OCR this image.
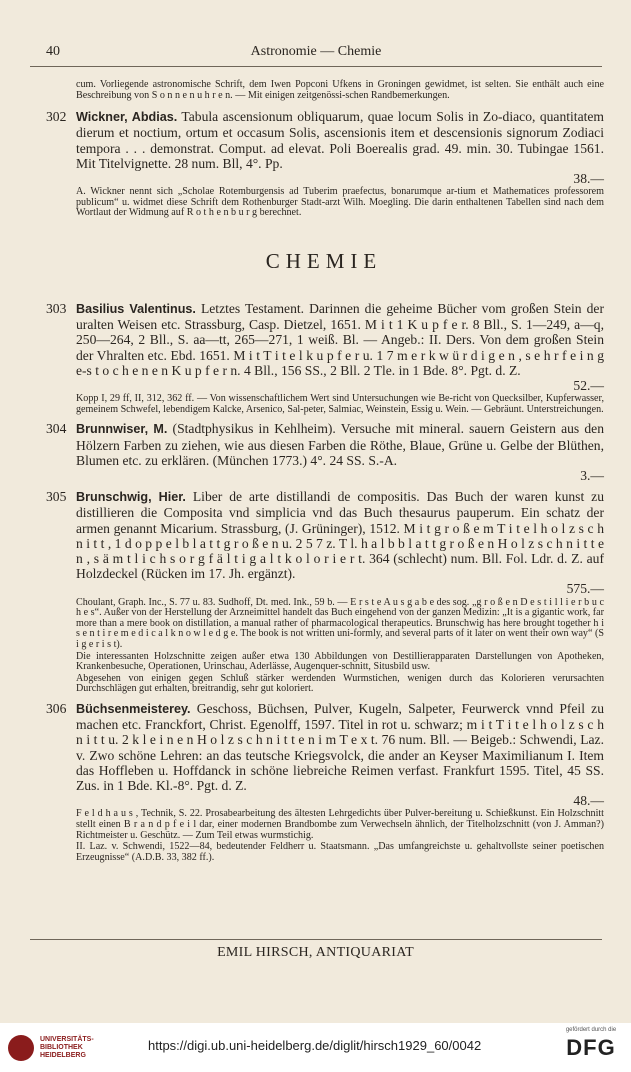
40	Astronomie — Chemie

cum. Vorliegende astronomische Schrift, dem Iwen Popconi Ufkens in Groningen gewidmet, ist selten. Sie enthält auch eine Beschreibung von S o n n e n u h r e n. — Mit einigen zeitgenössi-schen Randbemerkungen.

302 Wickner, Abdias. Tabula ascensionum obliquarum, quae locum Solis in Zo-diaco, quantitatem dierum et noctium, ortum et occasum Solis, ascensionis item et descensionis signorum Zodiaci tempora . . . demonstrat. Comput. ad elevat. Poli Boerealis grad. 49. min. 30. Tubingae 1561. Mit Titelvignette. 28 num. Bll, 4°. Pp.
38.—

A. Wickner nennt sich „Scholae Rotemburgensis ad Tuberim praefectus, bonarumque ar-tium et Mathematices professorem publicum“ u. widmet diese Schrift dem Rothenburger Stadt-arzt Wilh. Moegling. Die darin enthaltenen Tabellen sind nach dem Wortlaut der Widmung auf R o t h e n b u r g berechnet.

CHEMIE

303 Basilius Valentinus. Letztes Testament. Darinnen die geheime Bücher vom großen Stein der uralten Weisen etc. Strassburg, Casp. Dietzel, 1651. M i t 1 K u p f e r. 8 Bll., S. 1—249, a—q, 250—264, 2 Bll., S. aa—tt, 265—271, 1 weiß. Bl. — Angeb.: II. Ders. Von dem großen Stein der Vhralten etc. Ebd. 1651. M i t T i t e l k u p f e r u. 1 7 m e r k w ü r d i g e n , s e h r f e i n g e-s t o c h e n e n K u p f e r n. 4 Bll., 156 SS., 2 Bll. 2 Tle. in 1 Bde. 8°. Pgt. d. Z.
52.—

Kopp I, 29 ff, II, 312, 362 ff. — Von wissenschaftlichem Wert sind Untersuchungen wie Be-richt von Quecksilber, Kupferwasser, gemeinem Schwefel, lebendigem Kalcke, Arsenico, Sal-peter, Salmiac, Weinstein, Essig u. Wein. — Gebräunt. Unterstreichungen.

304 Brunnwiser, M. (Stadtphysikus in Kehlheim). Versuche mit mineral. sauern Geistern aus den Hölzern Farben zu ziehen, wie aus diesen Farben die Röthe, Blaue, Grüne u. Gelbe der Blüthen, Blumen etc. zu erklären. (München 1773.) 4°. 24 SS. S.-A.
3.—

305 Brunschwig, Hier. Liber de arte distillandi de compositis. Das Buch der waren kunst zu distillieren die Composita vnd simplicia vnd das Buch thesaurus pauperum. Ein schatz der armen genannt Micarium. Strassburg, (J. Grüninger), 1512. M i t g r o ß e m T i t e l h o l z s c h n i t t , 1 d o p p e l b l a t t g r o ß e n u. 2 5 7 z. T l. h a l b b l a t t g r o ß e n H o l z s c h n i t t e n , s ä m t l i c h s o r g f ä l t i g a l t k o l o r i e r t. 364 (schlecht) num. Bll. Fol. Ldr. d. Z. auf Holzdeckel (Rücken im 17. Jh. ergänzt).
575.—

Choulant, Graph. Inc., S. 77 u. 83. Sudhoff, Dt. med. Ink., 59 b. — E r s t e A u s g a b e des sog. „g r o ß e n D e s t i l l i e r b u c h e s“. Außer von der Herstellung der Arzneimittel handelt das Buch eingehend von der ganzen Medizin: „It is a gigantic work, far more than a mere book on distillation, a manual rather of pharmacological therapeutics. Brunschwig has here brought together h i s e n t i r e m e d i c a l k n o w l e d g e. The book is not written uni-formly, and several parts of it later on went their own way“ (S i g e r i s t).

Die interessanten Holzschnitte zeigen außer etwa 130 Abbildungen von Destillierapparaten Darstellungen von Apotheken, Krankenbesuche, Operationen, Urinschau, Aderlässe, Augenquer-schnitt, Situsbild usw.

Abgesehen von einigen gegen Schluß stärker werdenden Wurmstichen, wenigen durch das Kolorieren verursachten Durchschlägen gut erhalten, breitrandig, sehr gut koloriert.

306 Büchsenmeisterey. Geschoss, Büchsen, Pulver, Kugeln, Salpeter, Feurwerck vnnd Pfeil zu machen etc. Franckfort, Christ. Egenolff, 1597. Titel in rot u. schwarz; m i t T i t e l h o l z s c h n i t t u. 2 k l e i n e n H o l z s c h n i t t e n i m T e x t. 76 num. Bll. — Beigeb.: Schwendi, Laz. v. Zwo schöne Lehren: an das teutsche Kriegsvolck, die ander an Keyser Maximilianum I. Item das Hoffleben u. Hoffdanck in schöne liebreiche Reimen verfast. Frankfurt 1595. Titel, 45 SS. Zus. in 1 Bde. Kl.-8°. Pgt. d. Z.
48.—

F e l d h a u s , Technik, S. 22. Prosabearbeitung des ältesten Lehrgedichts über Pulver-bereitung u. Schießkunst. Ein Holzschnitt stellt einen B r a n d p f e i l dar, einer modernen Brandbombe zum Verwechseln ähnlich, der Titelholzschnitt (von J. Amman?) Richtmeister u. Geschütz. — Zum Teil etwas wurmstichig.

II. Laz. v. Schwendi, 1522—84, bedeutender Feldherr u. Staatsmann. „Das umfangreichste u. gehaltvollste seiner poetischen Erzeugnisse“ (A.D.B. 33, 382 ff.).

EMIL HIRSCH, ANTIQUARIAT
UNIVERSITÄTS-
BIBLIOTHEK
HEIDELBERG
https://digi.ub.uni-heidelberg.de/diglit/hirsch1929_60/0042
gefördert durch die
DFG
